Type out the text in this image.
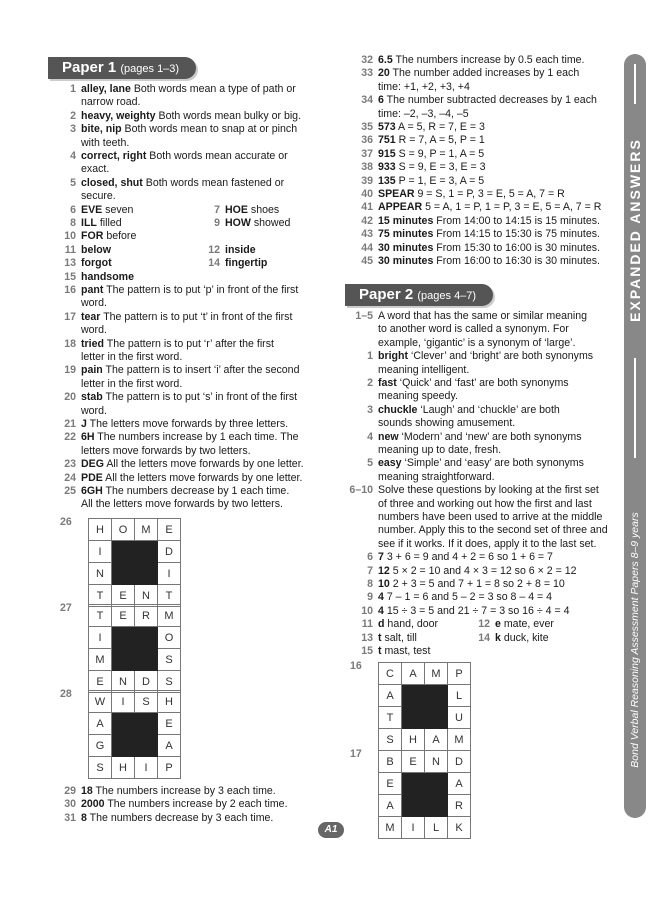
Paper 1 (pages 1–3)
1 alley, lane Both words mean a type of path or
narrow road.
2 heavy, weighty Both words mean bulky or big.
3 bite, nip Both words mean to snap at or pinch
with teeth.
4 correct, right Both words mean accurate or
exact.
5 closed, shut Both words mean fastened or
secure.
6 EVE seven	7 HOE shoes
8 ILL filled	9 HOW showed
10 FOR before
11 below	12 inside
13 forgot	14 fingertip
15 handsome
16 pant The pattern is to put ‘p’ in front of the first
word.
17 tear The pattern is to put ‘t’ in front of the first
word.
18 tried The pattern is to put ‘r’ after the first
letter in the first word.
19 pain The pattern is to insert ‘i’ after the second
letter in the first word.
20 stab The pattern is to put ‘s’ in front of the first
word.
21 J The letters move forwards by three letters.
22 6H The numbers increase by 1 each time. The
letters move forwards by two letters.
23 DEG All the letters move forwards by one letter.
24 PDE All the letters move forwards by one letter.
25 6GH The numbers decrease by 1 each time.
All the letters move forwards by two letters.
26
H	O	M	E
I			D
N			I
T	E	N	T
27
T	E	R	M
I			O
M			S
E	N	D	S
28
W	I	S	H
A			E
G			A
S	H	I	P
29 18 The numbers increase by 3 each time.
30 2000 The numbers increase by 2 each time.
31 8 The numbers decrease by 3 each time.
32 6.5 The numbers increase by 0.5 each time.
33 20 The number added increases by 1 each
time: +1, +2, +3, +4
34 6 The number subtracted decreases by 1 each
time: –2, –3, –4, –5
35 573 A = 5, R = 7, E = 3
36 751 R = 7, A = 5, P = 1
37 915 S = 9, P = 1, A = 5
38 933 S = 9, E = 3, E = 3
39 135 P = 1, E = 3, A = 5
40 SPEAR 9 = S, 1 = P, 3 = E, 5 = A, 7 = R
41 APPEAR 5 = A, 1 = P, 1 = P, 3 = E, 5 = A, 7 = R
42 15 minutes From 14:00 to 14:15 is 15 minutes.
43 75 minutes From 14:15 to 15:30 is 75 minutes.
44 30 minutes From 15:30 to 16:00 is 30 minutes.
45 30 minutes From 16:00 to 16:30 is 30 minutes.
Paper 2 (pages 4–7)
1–5 A word that has the same or similar meaning
to another word is called a synonym. For
example, ‘gigantic’ is a synonym of ‘large’.
1 bright ‘Clever’ and ‘bright’ are both synonyms
meaning intelligent.
2 fast ‘Quick’ and ‘fast’ are both synonyms
meaning speedy.
3 chuckle ‘Laugh’ and ‘chuckle’ are both
sounds showing amusement.
4 new ‘Modern’ and ‘new’ are both synonyms
meaning up to date, fresh.
5 easy ‘Simple’ and ‘easy’ are both synonyms
meaning straightforward.
6–10 Solve these questions by looking at the first set
of three and working out how the first and last
numbers have been used to arrive at the middle
number. Apply this to the second set of three and
see if it works. If it does, apply it to the last set.
6 7 3 + 6 = 9 and 4 + 2 = 6 so 1 + 6 = 7
7 12 5 × 2 = 10 and 4 × 3 = 12 so 6 × 2 = 12
8 10 2 + 3 = 5 and 7 + 1 = 8 so 2 + 8 = 10
9 4 7 – 1 = 6 and 5 – 2 = 3 so 8 – 4 = 4
10 4 15 ÷ 3 = 5 and 21 ÷ 7 = 3 so 16 ÷ 4 = 4
11 d hand, door	12 e mate, ever
13 t salt, till	14 k duck, kite
15 t mast, test
16
C	A	M	P
A			L
T			U
S	H	A	M
17
B	E	N	D
E			A
A			R
M	I	L	K
EXPANDED ANSWERS
Bond Verbal Reasoning Assessment Papers 8–9 years
A1
